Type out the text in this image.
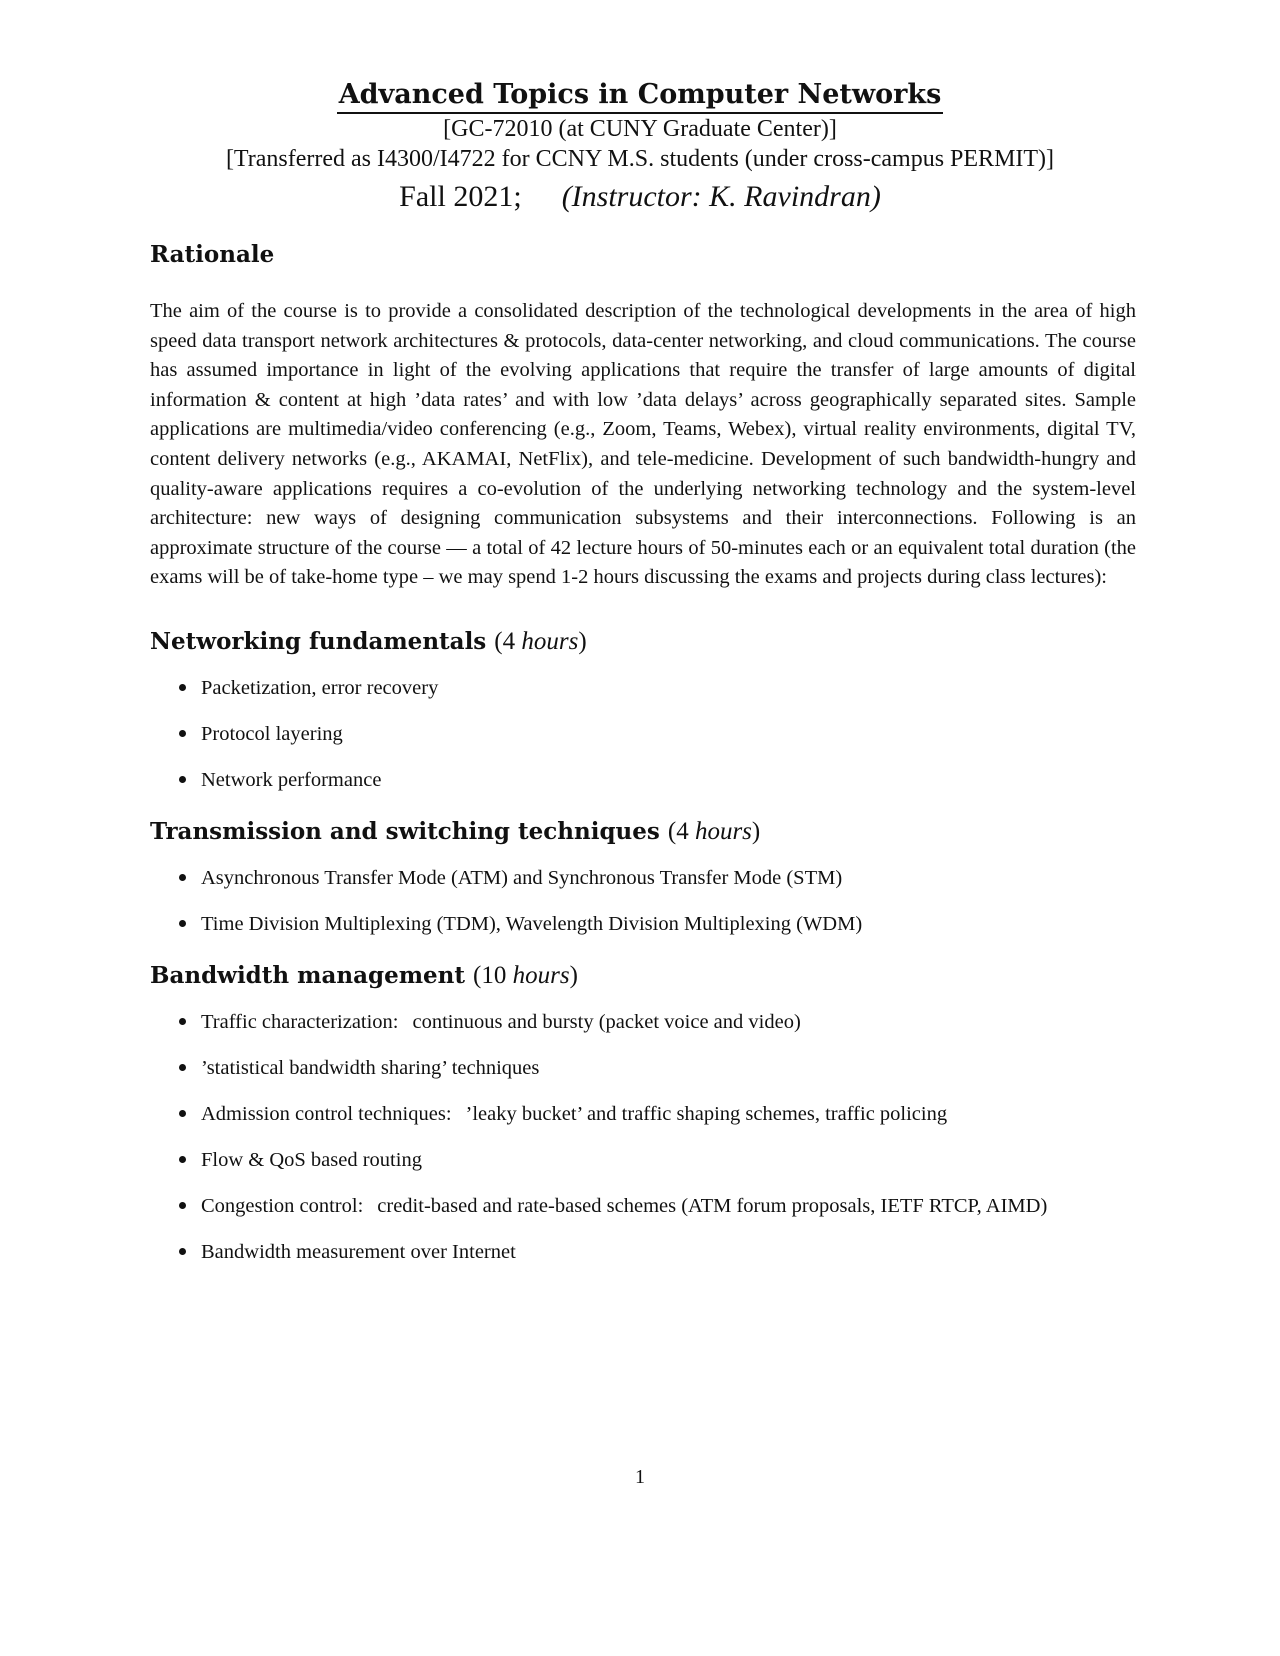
Advanced Topics in Computer Networks
[GC-72010 (at CUNY Graduate Center)]
[Transferred as I4300/I4722 for CCNY M.S. students (under cross-campus PERMIT)]
Fall 2021; (Instructor: K. Ravindran)
Rationale

The aim of the course is to provide a consolidated description of the technological developments in the area of high speed data transport network architectures & protocols, data-center networking, and cloud communications. The course has assumed importance in light of the evolving applications that require the transfer of large amounts of digital information & content at high ’data rates’ and with low ’data delays’ across geographically separated sites. Sample applications are multimedia/video conferencing (e.g., Zoom, Teams, Webex), virtual reality environments, digital TV, content delivery networks (e.g., AKAMAI, NetFlix), and tele-medicine. Development of such bandwidth-hungry and quality-aware applications requires a co-evolution of the underlying networking technology and the system-level architecture: new ways of designing communication subsystems and their interconnections. Following is an approximate structure of the course — a total of 42 lecture hours of 50-minutes each or an equivalent total duration (the exams will be of take-home type – we may spend 1-2 hours discussing the exams and projects during class lectures):

Networking fundamentals (4 hours)
Packetization, error recovery
Protocol layering
Network performance
Transmission and switching techniques (4 hours)
Asynchronous Transfer Mode (ATM) and Synchronous Transfer Mode (STM)
Time Division Multiplexing (TDM), Wavelength Division Multiplexing (WDM)
Bandwidth management (10 hours)
Traffic characterization: continuous and bursty (packet voice and video)
’statistical bandwidth sharing’ techniques
Admission control techniques: ’leaky bucket’ and traffic shaping schemes, traffic policing
Flow & QoS based routing
Congestion control: credit-based and rate-based schemes (ATM forum proposals, IETF RTCP, AIMD)
Bandwidth measurement over Internet
1
